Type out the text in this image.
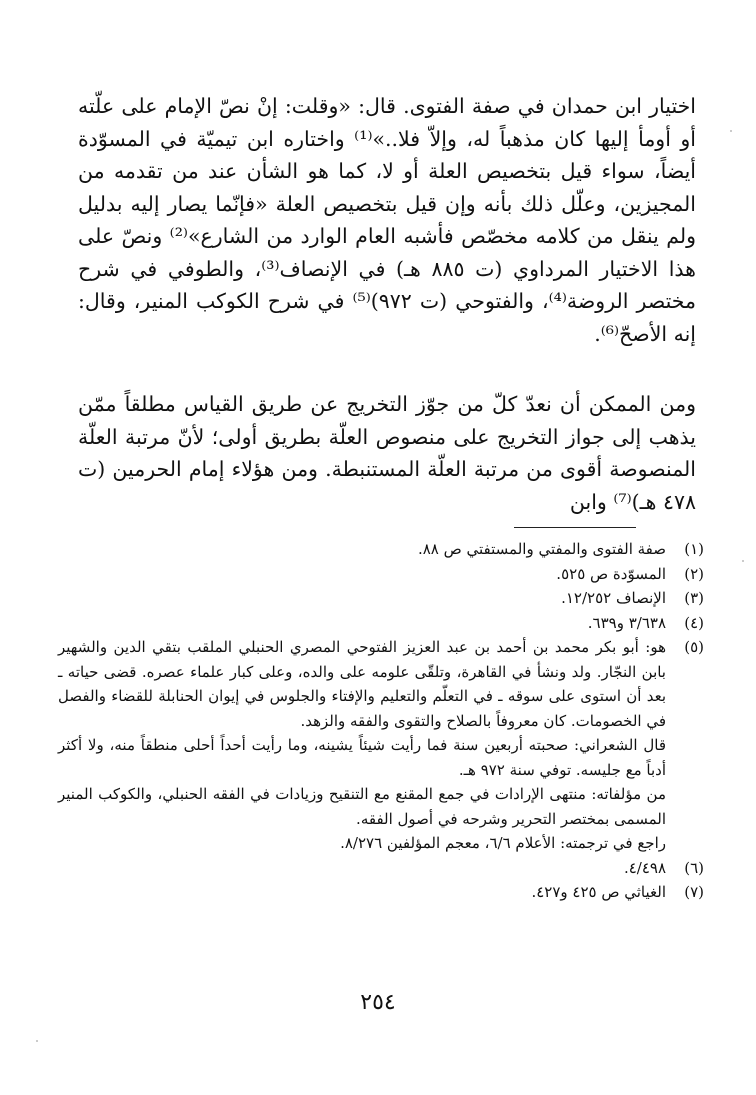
اختيار ابن حمدان في صفة الفتوى. قال: «وقلت: إنْ نصّ الإمام على علّته أو أومأ إليها كان مذهباً له، وإلاّ فلا..»⁽¹⁾ واختاره ابن تيميّة في المسوّدة أيضاً، سواء قيل بتخصيص العلة أو لا، كما هو الشأن عند من تقدمه من المجيزين، وعلّل ذلك بأنه وإن قيل بتخصيص العلة «فإنّما يصار إليه بدليل ولم ينقل من كلامه مخصّص فأشبه العام الوارد من الشارع»⁽²⁾ ونصّ على هذا الاختيار المرداوي (ت ٨٨٥ هـ) في الإنصاف⁽³⁾، والطوفي في شرح مختصر الروضة⁽⁴⁾، والفتوحي (ت ٩٧٢)⁽⁵⁾ في شرح الكوكب المنير، وقال: إنه الأصحّ⁽⁶⁾.

ومن الممكن أن نعدّ كلّ من جوّز التخريج عن طريق القياس مطلقاً ممّن يذهب إلى جواز التخريج على منصوص العلّة بطريق أولى؛ لأنّ مرتبة العلّة المنصوصة أقوى من مرتبة العلّة المستنبطة. ومن هؤلاء إمام الحرمين (ت ٤٧٨ هـ)⁽⁷⁾ وابن

(١)
صفة الفتوى والمفتي والمستفتي ص ٨٨.
(٢)
المسوّدة ص ٥٢٥.
(٣)
الإنصاف ١٢/٢٥٢.
(٤)
٣/٦٣٨ و٦٣٩.
(٥)
هو: أبو بكر محمد بن أحمد بن عبد العزيز الفتوحي المصري الحنبلي الملقب بتقي الدين والشهير بابن النجّار. ولد ونشأ في القاهرة، وتلقّى علومه على والده، وعلى كبار علماء عصره. قضى حياته ـ بعد أن استوى على سوقه ـ في التعلّم والتعليم والإفتاء والجلوس في إيوان الحنابلة للقضاء والفصل في الخصومات. كان معروفاً بالصلاح والتقوى والفقه والزهد.
قال الشعراني: صحبته أربعين سنة فما رأيت شيئاً يشينه، وما رأيت أحداً أحلى منطقاً منه، ولا أكثر أدباً مع جليسه. توفي سنة ٩٧٢ هـ.
من مؤلفاته: منتهى الإرادات في جمع المقنع مع التنقيح وزيادات في الفقه الحنبلي، والكوكب المنير المسمى بمختصر التحرير وشرحه في أصول الفقه.
راجع في ترجمته: الأعلام ٦/٦، معجم المؤلفين ٨/٢٧٦.
(٦)
٤/٤٩٨.
(٧)
الغياثي ص ٤٢٥ و٤٢٧.
٢٥٤
